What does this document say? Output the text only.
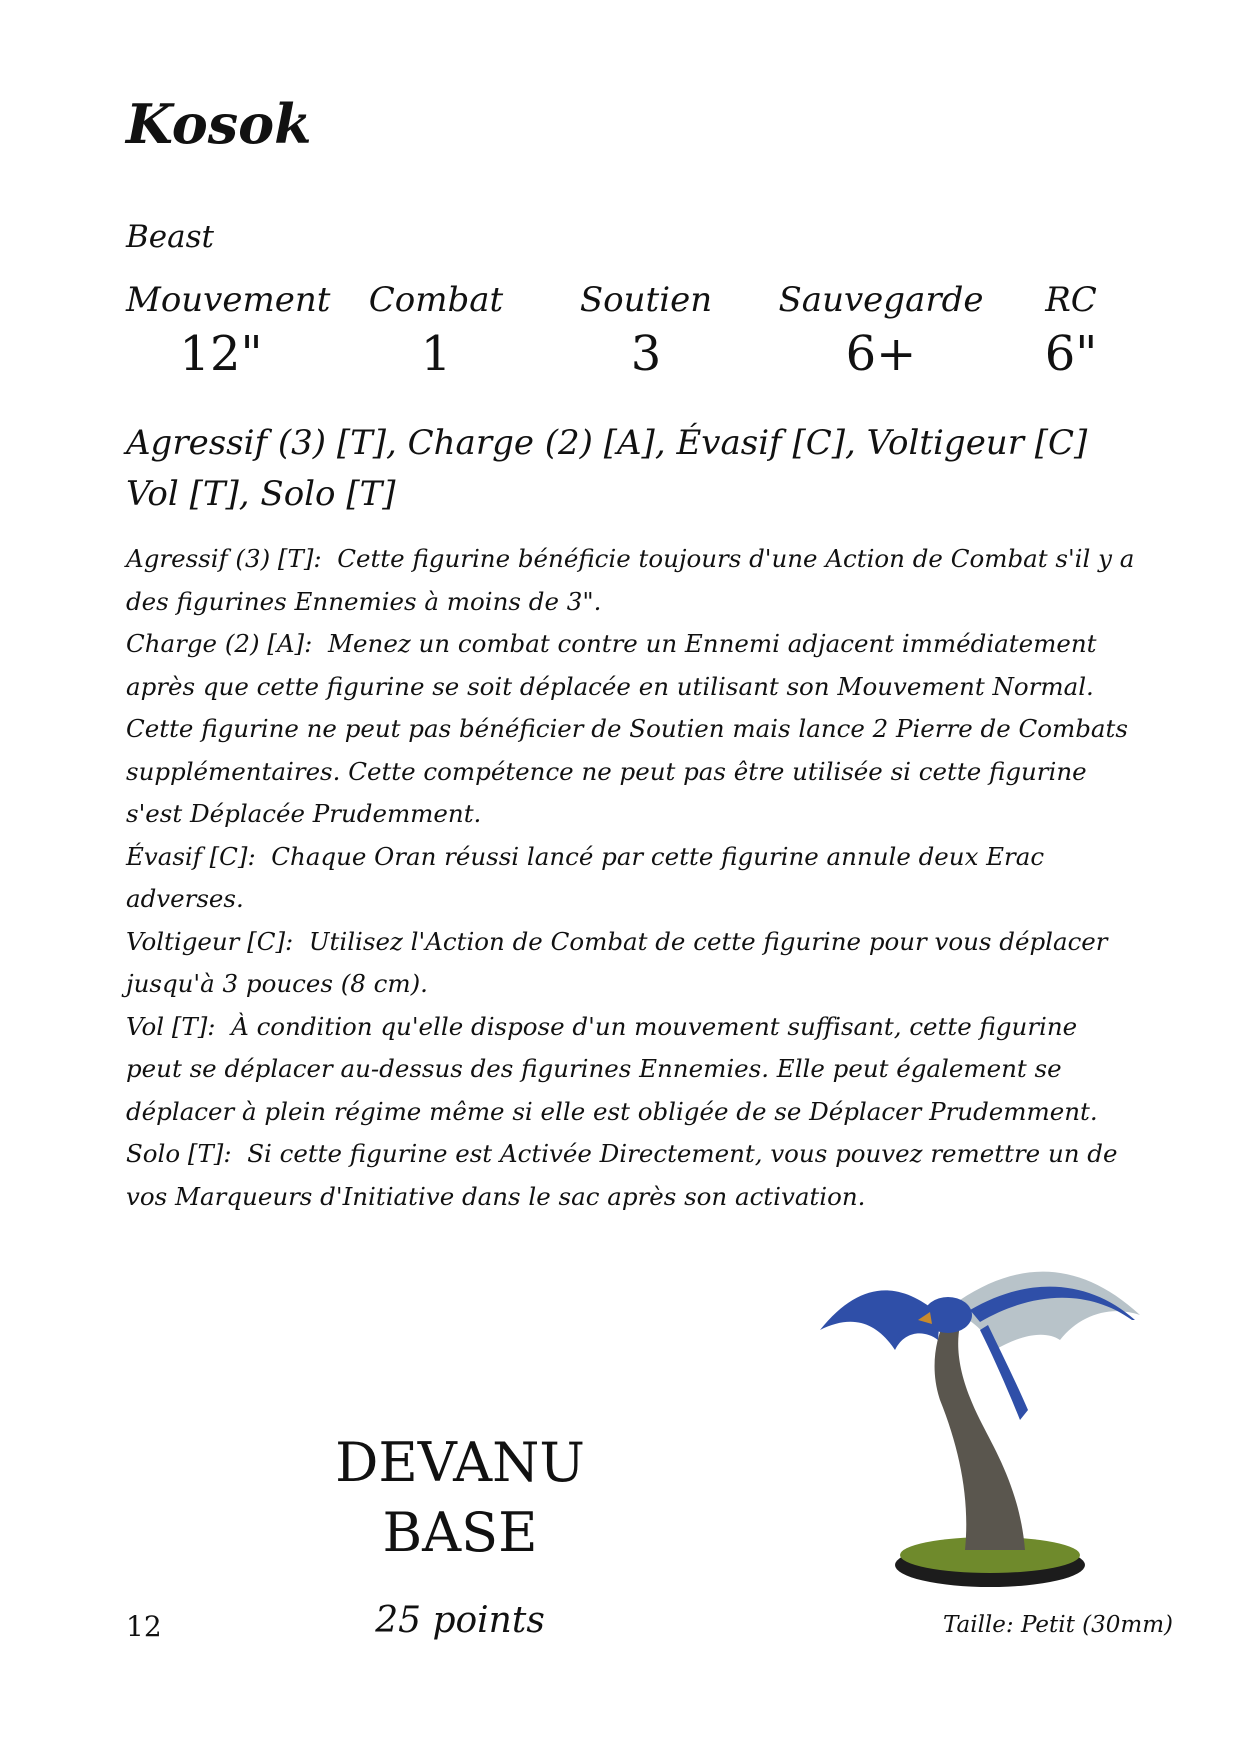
Kosok
Beast
Mouvement
12"
Combat
1
Soutien
3
Sauvegarde
6+
RC
6"
Agressif (3) [T], Charge (2) [A], Évasif [C], Voltigeur [C]
Vol [T], Solo [T]

Agressif (3) [T]: Cette figurine bénéficie toujours d'une Action de Combat s'il y a des figurines Ennemies à moins de 3".

Charge (2) [A]: Menez un combat contre un Ennemi adjacent immédiatement après que cette figurine se soit déplacée en utilisant son Mouvement Normal. Cette figurine ne peut pas bénéficier de Soutien mais lance 2 Pierre de Combats supplémentaires. Cette compétence ne peut pas être utilisée si cette figurine s'est Déplacée Prudemment.

Évasif [C]: Chaque Oran réussi lancé par cette figurine annule deux Erac adverses.

Voltigeur [C]: Utilisez l'Action de Combat de cette figurine pour vous déplacer jusqu'à 3 pouces (8 cm).

Vol [T]: À condition qu'elle dispose d'un mouvement suffisant, cette figurine peut se déplacer au-dessus des figurines Ennemies. Elle peut également se déplacer à plein régime même si elle est obligée de se Déplacer Prudemment.

Solo [T]: Si cette figurine est Activée Directement, vous pouvez remettre un de vos Marqueurs d'Initiative dans le sac après son activation.

DEVANU
BASE
25 points
12	Taille: Petit (30mm)
